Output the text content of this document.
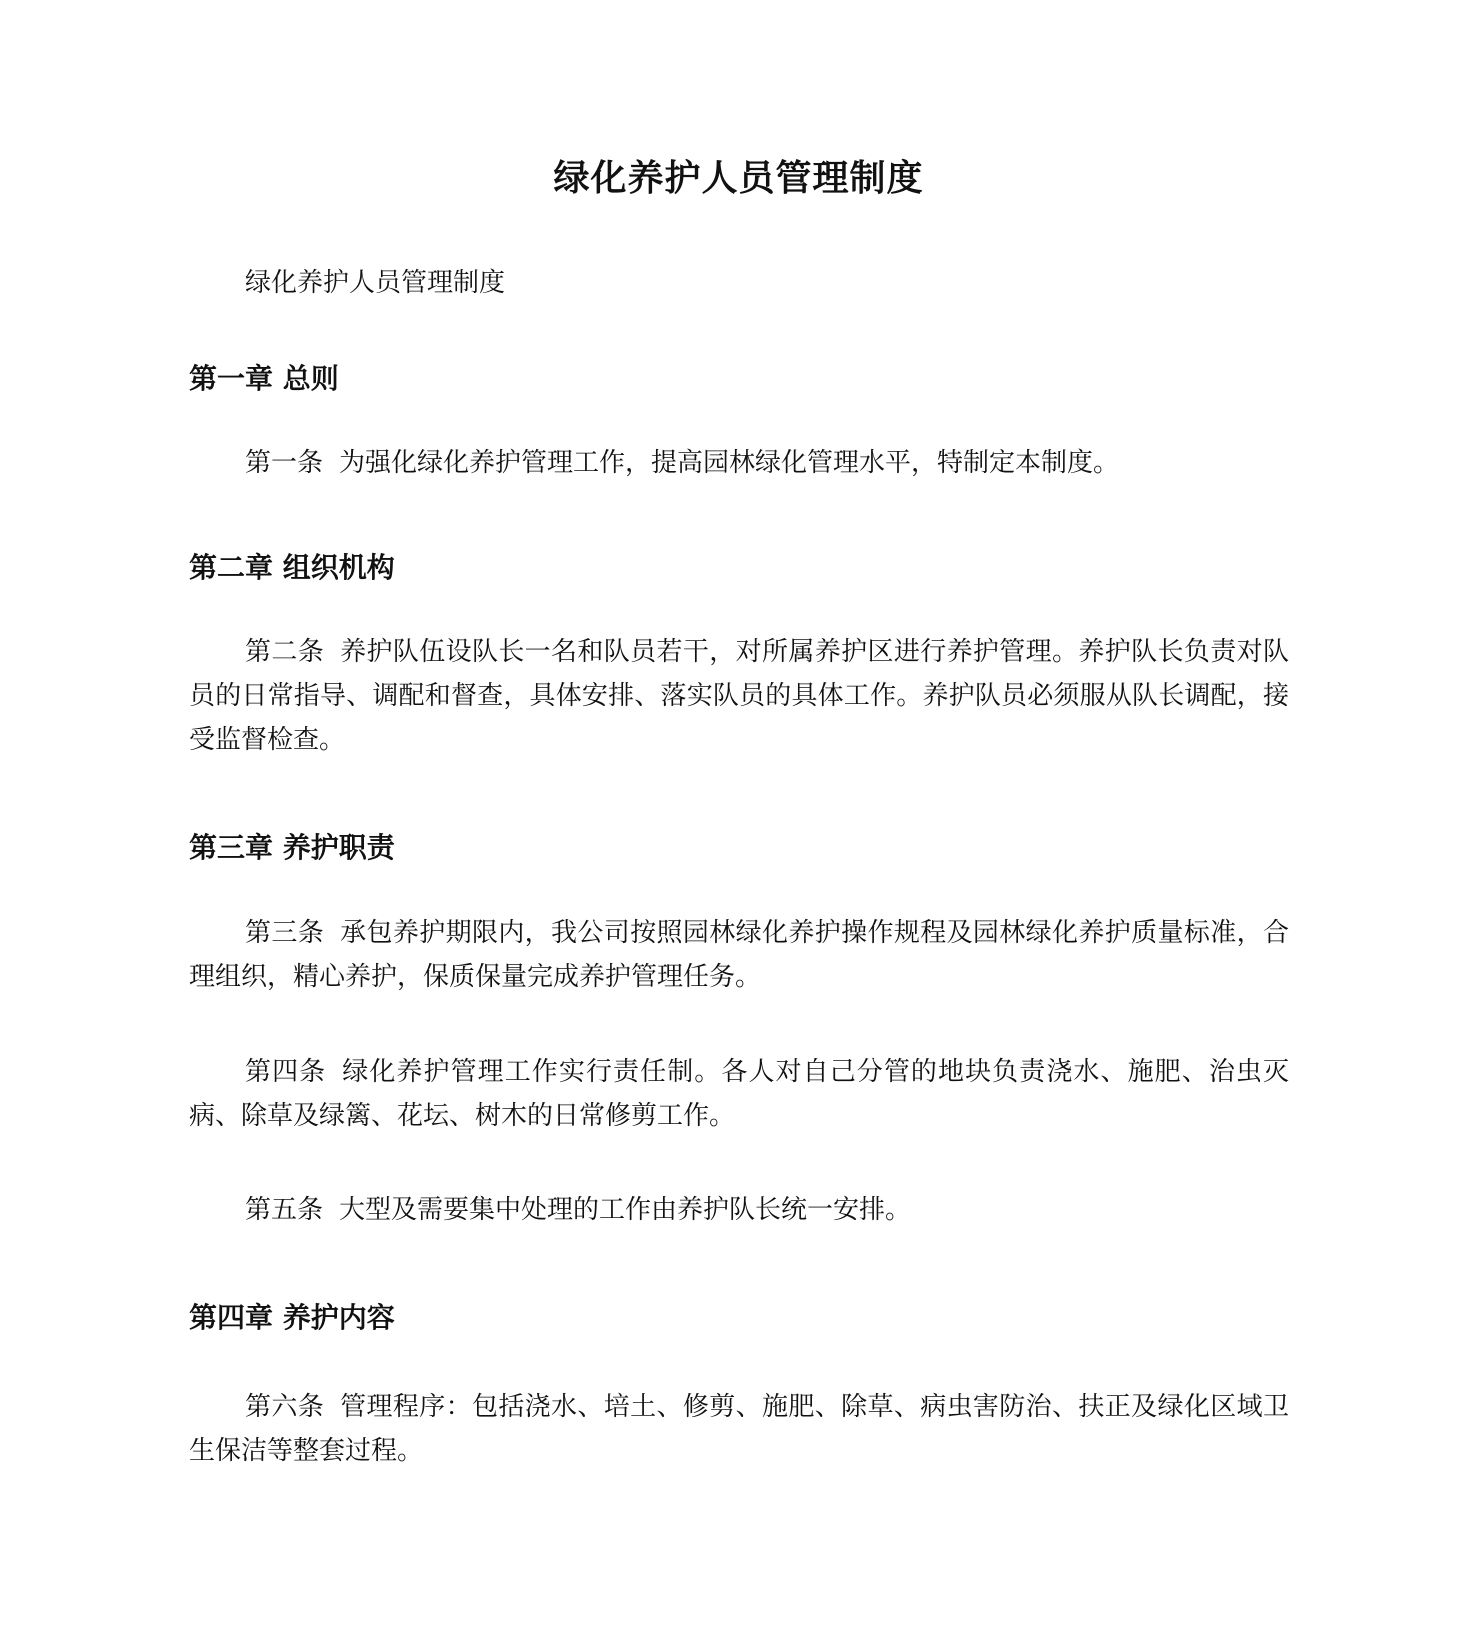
绿化养护人员管理制度

绿化养护人员管理制度

第一章 总则

第一条 为强化绿化养护管理工作，提高园林绿化管理水平，特制定本制度。

第二章 组织机构

第二条 养护队伍设队长一名和队员若干，对所属养护区进行养护管理。养护队长负责对队员的日常指导、调配和督查，具体安排、落实队员的具体工作。养护队员必须服从队长调配，接受监督检查。

第三章 养护职责

第三条 承包养护期限内，我公司按照园林绿化养护操作规程及园林绿化养护质量标准，合理组织，精心养护，保质保量完成养护管理任务。

第四条 绿化养护管理工作实行责任制。各人对自己分管的地块负责浇水、施肥、治虫灭病、除草及绿篱、花坛、树木的日常修剪工作。

第五条 大型及需要集中处理的工作由养护队长统一安排。

第四章 养护内容

第六条 管理程序：包括浇水、培土、修剪、施肥、除草、病虫害防治、扶正及绿化区域卫生保洁等整套过程。
